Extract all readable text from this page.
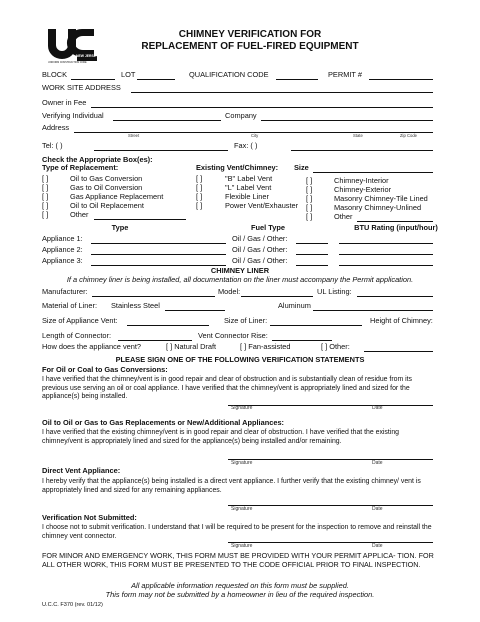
NEW JERSEY
UNIFORM CONSTRUCTION CODE
CHIMNEY VERIFICATION FOR
REPLACEMENT OF FUEL-FIRED EQUIPMENT
BLOCK	LOT	QUALIFICATION CODE	PERMIT #
WORK SITE ADDRESS
Owner in Fee
Verifying Individual	Company
Address
Street	City	State	Zip Code
Tel: ( )	Fax: ( )
Check the Appropriate Box(es):
Type of Replacement:	Existing Vent/Chimney: Size
[ ]	Oil to Gas Conversion
[ ]	Gas to Oil Conversion
[ ]	Gas Appliance Replacement
[ ]	Oil to Oil Replacement
[ ]	Other
[ ]	"B" Label Vent
[ ]	"L" Label Vent
[ ]	Flexible Liner
[ ]	Power Vent/Exhauster
[ ]	Chimney-Interior
[ ]	Chimney-Exterior
[ ]	Masonry Chimney-Tile Lined
[ ]	Masonry Chimney-Unlined
[ ]	Other
Type	Fuel Type	BTU Rating (input/hour)
Appliance 1:	Oil / Gas / Other:
Appliance 2:	Oil / Gas / Other:
Appliance 3:	Oil / Gas / Other:
CHIMNEY LINER
If a chimney liner is being installed, all documentation on the liner must accompany the Permit application.
Manufacturer:	Model:	UL Listing:
Material of Liner: Stainless Steel	Aluminum
Size of Appliance Vent:	Size of Liner:	Height of Chimney:
Length of Connector:	Vent Connector Rise:
How does the appliance vent?	[ ] Natural Draft	[ ] Fan-assisted	[ ] Other:
PLEASE SIGN ONE OF THE FOLLOWING VERIFICATION STATEMENTS
For Oil or Coal to Gas Conversions:
I have verified that the chimney/vent is in good repair and clear of obstruction and is substantially clean of residue from its previous use serving an oil or coal appliance. I have verified that the chimney/vent is appropriately lined and sized for the appliance(s) being installed.
Signature	Date
Oil to Oil or Gas to Gas Replacements or New/Additional Appliances:
I have verified that the existing chimney/vent is in good repair and clear of obstruction. I have verified that the existing chimney/vent is appropriately lined and sized for the appliance(s) being installed and/or remaining.
Signature	Date
Direct Vent Appliance:
I hereby verify that the appliance(s) being installed is a direct vent appliance. I further verify that the existing chimney/ vent is appropriately lined and sized for any remaining appliances.
Signature	Date
Verification Not Submitted:
I choose not to submit verification. I understand that I will be required to be present for the inspection to remove and reinstall the chimney vent connector.
Signature	Date
FOR MINOR AND EMERGENCY WORK, THIS FORM MUST BE PROVIDED WITH YOUR PERMIT APPLICA- TION. FOR ALL OTHER WORK, THIS FORM MUST BE PRESENTED TO THE CODE OFFICIAL PRIOR TO FINAL INSPECTION.
All applicable information requested on this form must be supplied.
This form may not be submitted by a homeowner in lieu of the required inspection.
U.C.C. F370 (rev. 01/12)
